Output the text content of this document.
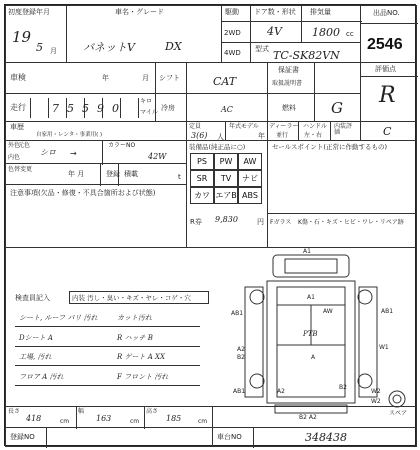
初度登録年月
19
5 月
車名・グレード
バネットV	DX
駆動
2WD
4WD
ドア数・形状
4V
排気量
1800 cc
型式 TC-SK82VN
出品NO.
2546
車検	年	月 シフト	CAT
保証書
取扱説明書
評価点
R
走行 75590
キロ
マイル
冷房	AC	燃料 G
車歴
自家用・レンタ・事業用( )
定員
3(6) 人
年式モデル
年
ディーラー
並行
ハンドル
左・右
内装評価	C
外色
元色
シロ →
カラーNO
42W
内色
色替変更
年 月	登録 積載	t
注意事項(欠品・修復・不具合箇所および状態)
装備品(純正品に○)
PS PW AW
SR TV ナビ
カワ エアB ABS
R券 9,830	円
セールスポイント(正常に作動するもの)
Fガラス K傷・石・キズ・ヒビ・ワレ・リペア跡
検査員記入	内装 汚し・臭い・キズ・ヤレ・コゲ・穴
シート, ルーフ パリ 汚れ	カット汚れ
Dシート A	R ハッチ B
工場, 汚れ	R ゲート A XX
フロア A 汚れ	F フロント 汚れ
A1
A1
AB1	AB1
AW
A2
B2
W1
PTB
A
AB1	A2
B2
B2 A2
W2
W2
スペア
長さ
418	cm
幅
163	cm
高さ
185	cm
登録NO	車台NO	348438
